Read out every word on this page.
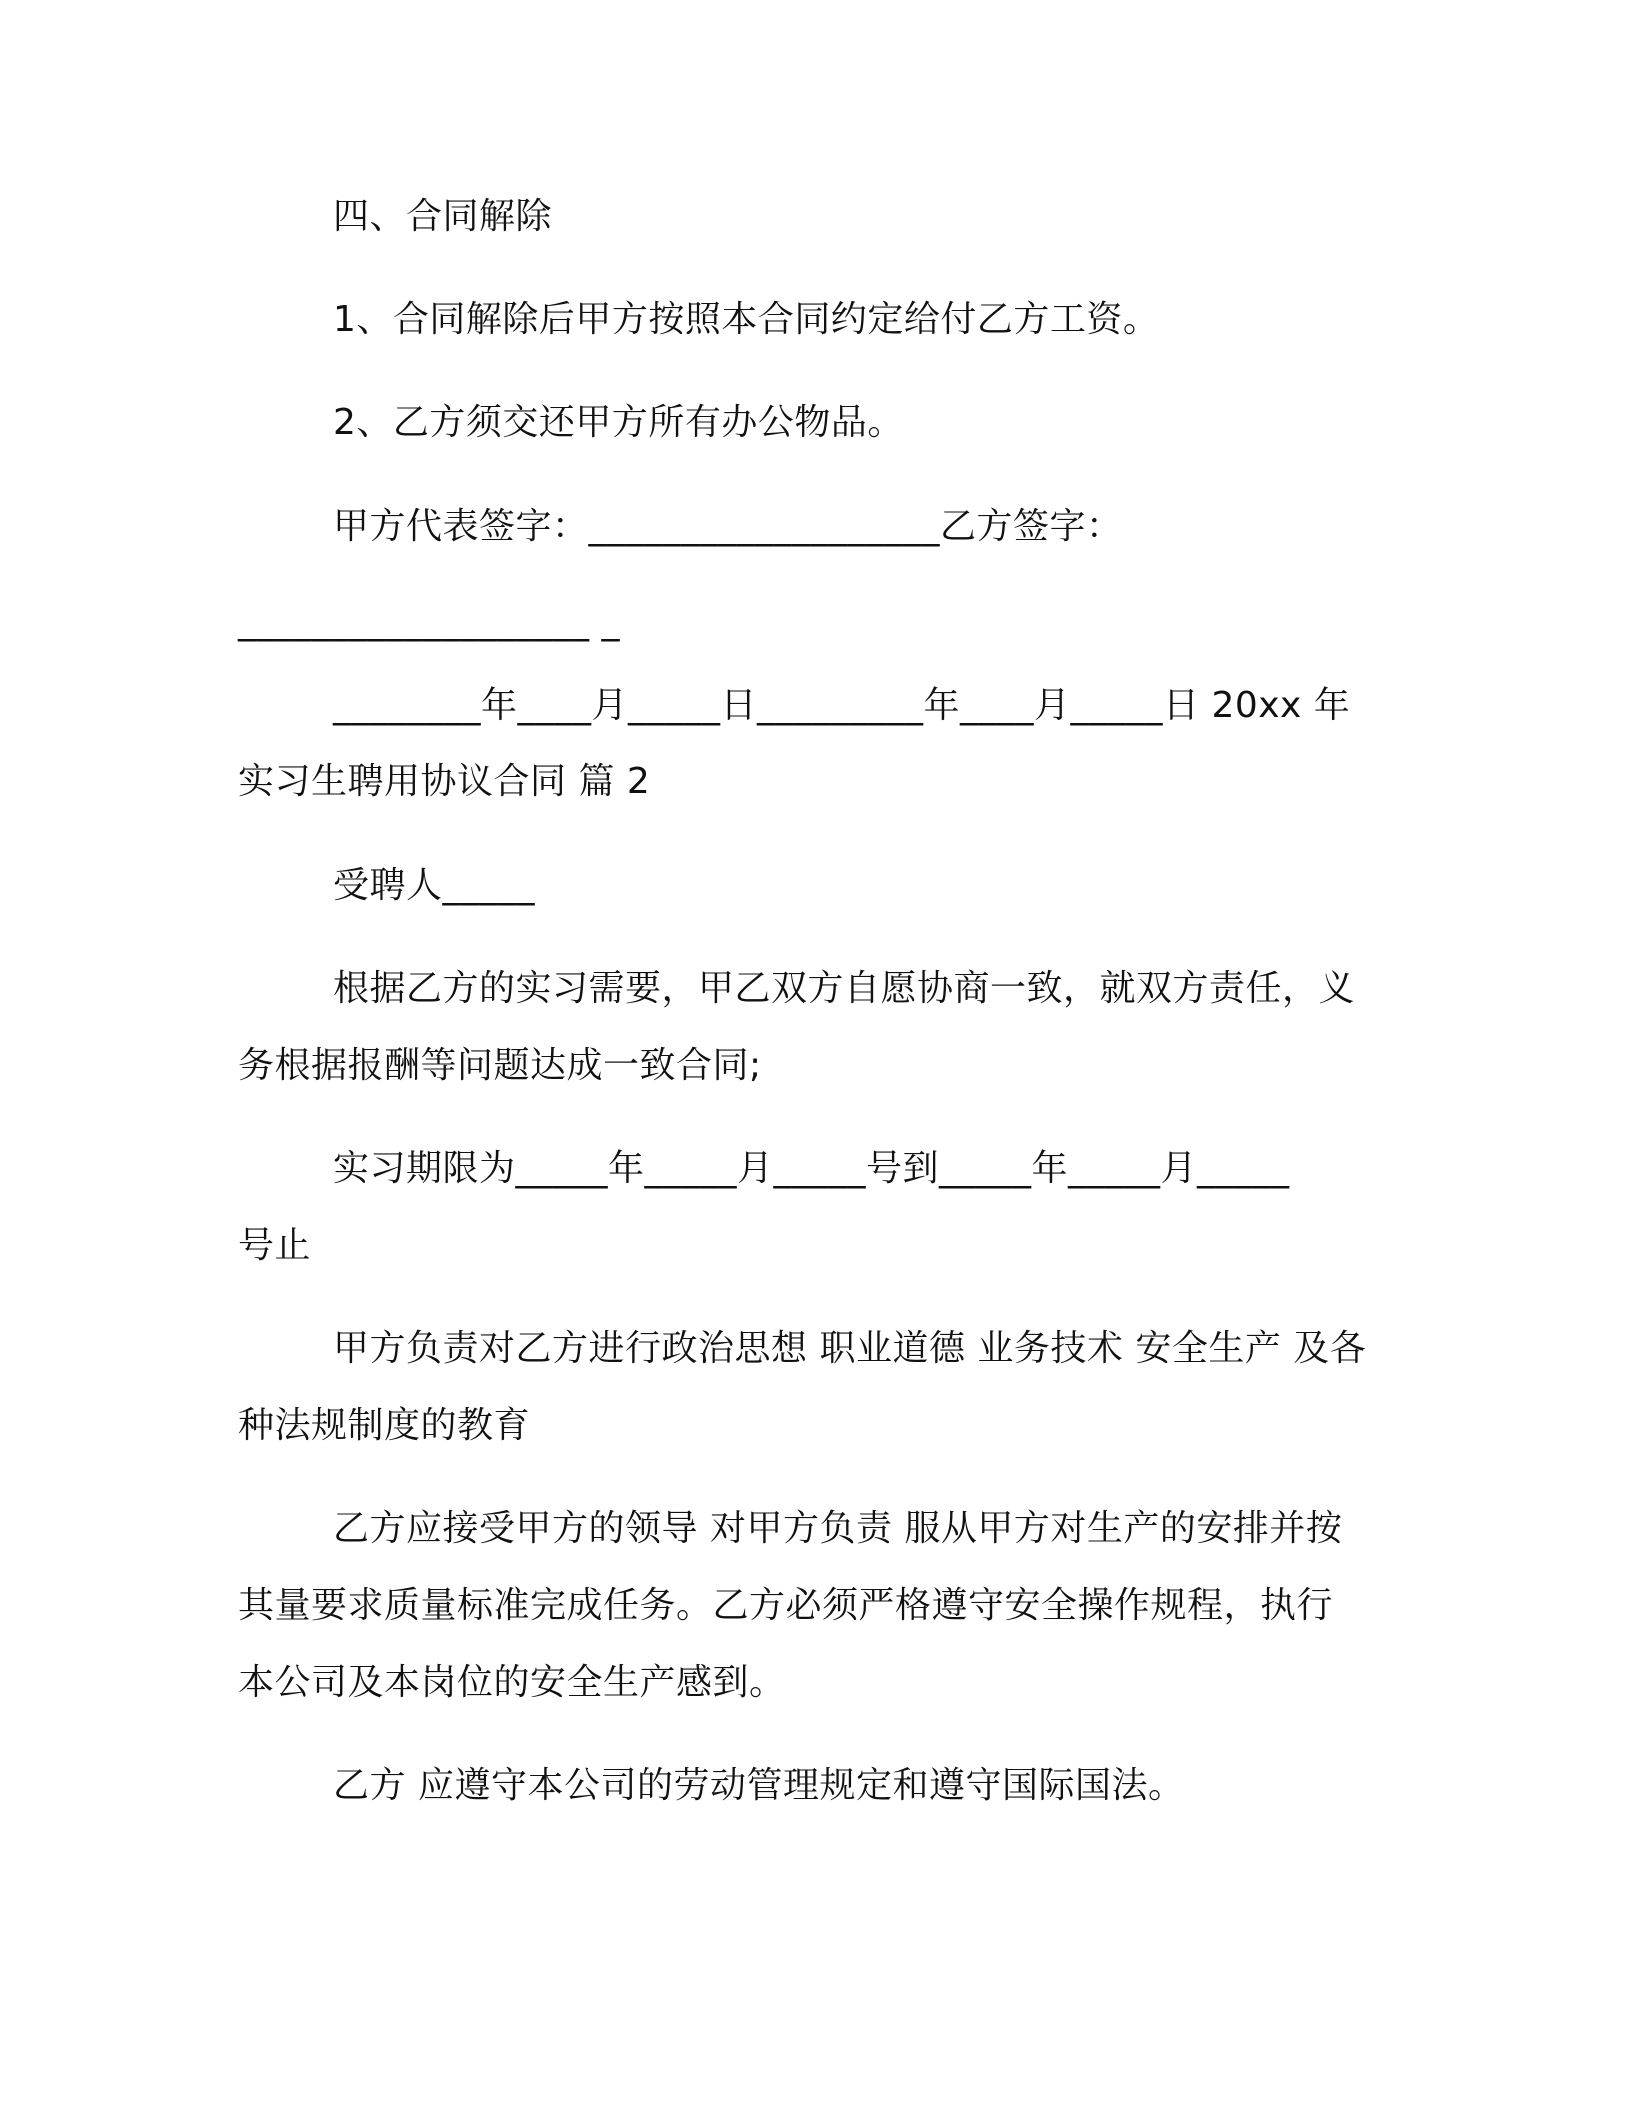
四、合同解除
1、合同解除后甲方按照本合同约定给付乙方工资。
2、乙方须交还甲方所有办公物品。
甲方代表签字：___________________乙方签字：
___________________ _
________年____月_____日_________年____月_____日 20xx 年
实习生聘用协议合同 篇 2
受聘人_____
根据乙方的实习需要，甲乙双方自愿协商一致，就双方责任，义
务根据报酬等问题达成一致合同;
实习期限为_____年_____月_____号到_____年_____月_____
号止
甲方负责对乙方进行政治思想 职业道德 业务技术 安全生产 及各
种法规制度的教育
乙方应接受甲方的领导 对甲方负责 服从甲方对生产的安排并按
其量要求质量标准完成任务。乙方必须严格遵守安全操作规程，执行
本公司及本岗位的安全生产感到。
乙方 应遵守本公司的劳动管理规定和遵守国际国法。
